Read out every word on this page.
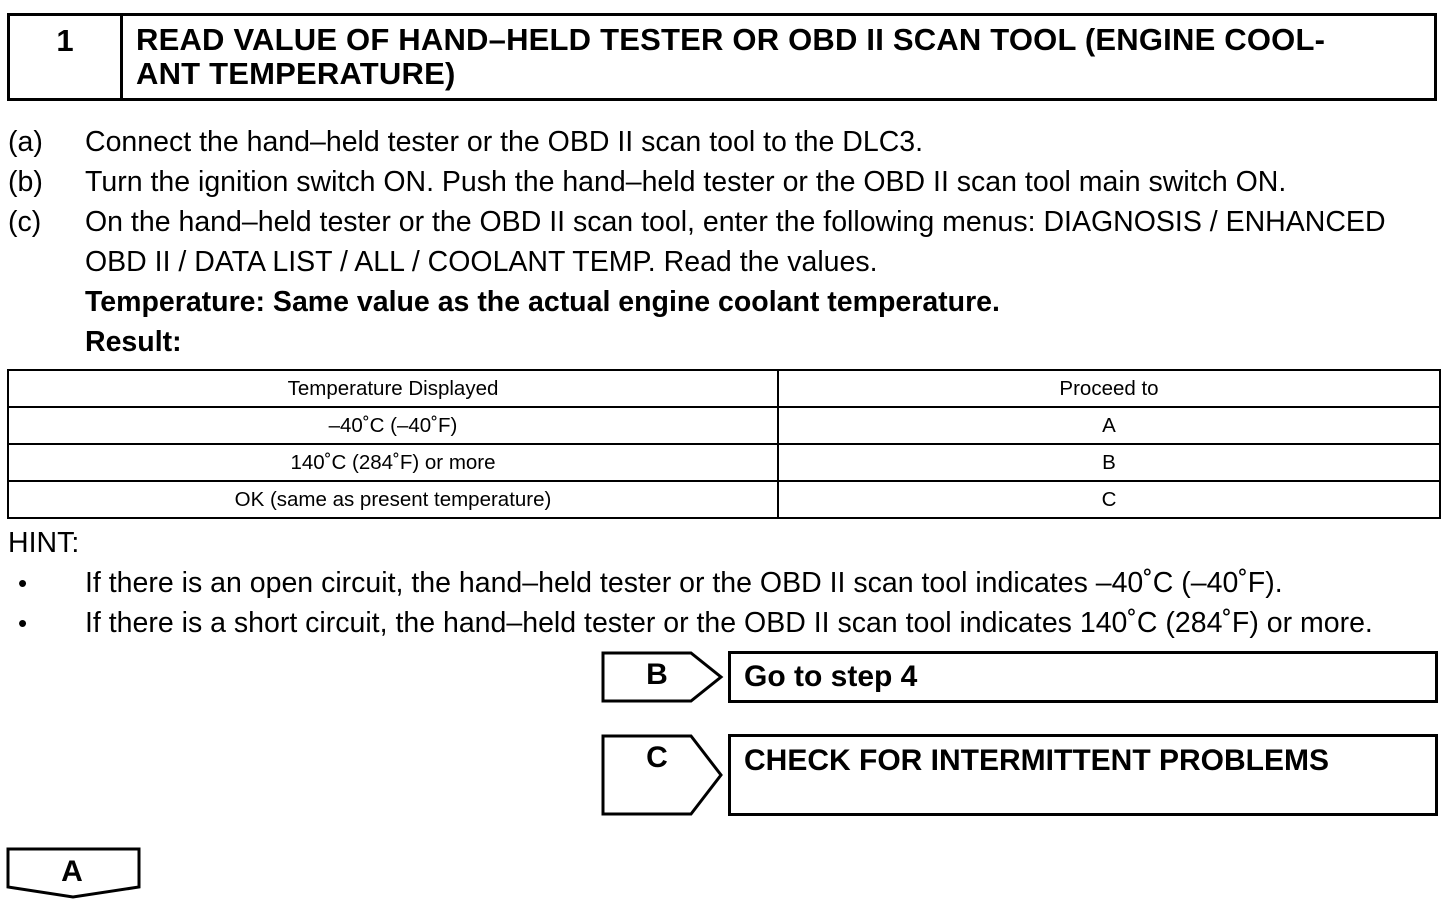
1	READ VALUE OF HAND–HELD TESTER OR OBD II SCAN TOOL (ENGINE COOL-
ANT TEMPERATURE)
(a) Connect the hand–held tester or the OBD II scan tool to the DLC3.
(b) Turn the ignition switch ON. Push the hand–held tester or the OBD II scan tool main switch ON.
(c) On the hand–held tester or the OBD II scan tool, enter the following menus: DIAGNOSIS / ENHANCED
OBD II / DATA LIST / ALL / COOLANT TEMP. Read the values.
Temperature: Same value as the actual engine coolant temperature.
Result:
Temperature Displayed	Proceed to
–40˚C (–40˚F)	A
140˚C (284˚F) or more	B
OK (same as present temperature)	C
HINT:
• If there is an open circuit, the hand–held tester or the OBD II scan tool indicates –40˚C (–40˚F).
• If there is a short circuit, the hand–held tester or the OBD II scan tool indicates 140˚C (284˚F) or more.
B	Go to step 4
C	CHECK FOR INTERMITTENT PROBLEMS
A
